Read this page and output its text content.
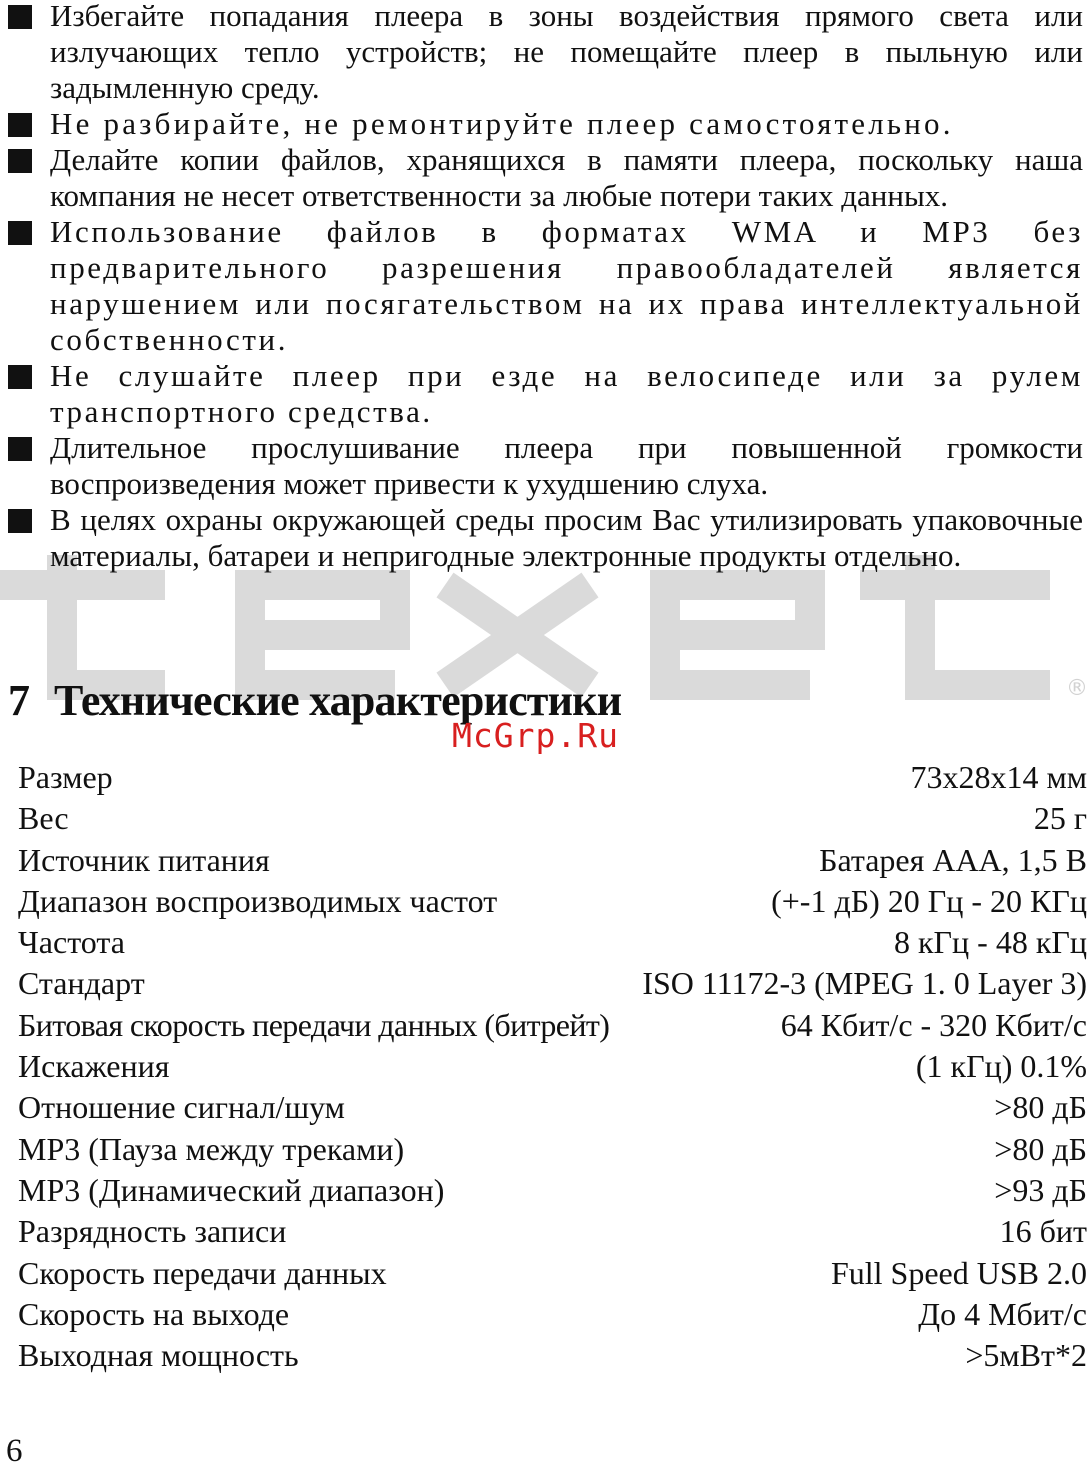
®
Избегайте попадания плеера в зоны воздействия прямого света или излучающих тепло устройств; не помещайте плеер в пыльную или задымленную среду.
Не разбирайте, не ремонтируйте плеер самостоятельно.
Делайте копии файлов, хранящихся в памяти плеера, поскольку наша компания не несет ответственности за любые потери таких данных.
Использование файлов в форматах WMA и MP3 без предварительного разрешения правообладателей является нарушением или посягательством на их права интеллектуальной собственности.
Не слушайте плеер при езде на велосипеде или за рулем транспортного средства.
Длительное прослушивание плеера при повышенной громкости воспроизведения может привести к ухудшению слуха.
В целях охраны окружающей среды просим Вас утилизировать упаковочные материалы, батареи и непригодные электронные продукты отдельно.
7 Технические характеристики
McGrp.Ru
Размер	73x28x14 мм
Вес	25 г
Источник питания	Батарея AAA, 1,5 В
Диапазон воспроизводимых частот	(+-1 дБ) 20 Гц - 20 КГц
Частота	8 кГц - 48 кГц
Стандарт	ISO 11172-3 (MPEG 1. 0 Layer 3)
Битовая скорость передачи данных (битрейт)	64 Кбит/с - 320 Кбит/с
Искажения	(1 кГц) 0.1%
Отношение сигнал/шум	>80 дБ
MP3 (Пауза между треками)	>80 дБ
MP3 (Динамический диапазон)	>93 дБ
Разрядность записи	16 бит
Скорость передачи данных	Full Speed USB 2.0
Скорость на выходе	До 4 Мбит/с
Выходная мощность	>5мВт*2
6
